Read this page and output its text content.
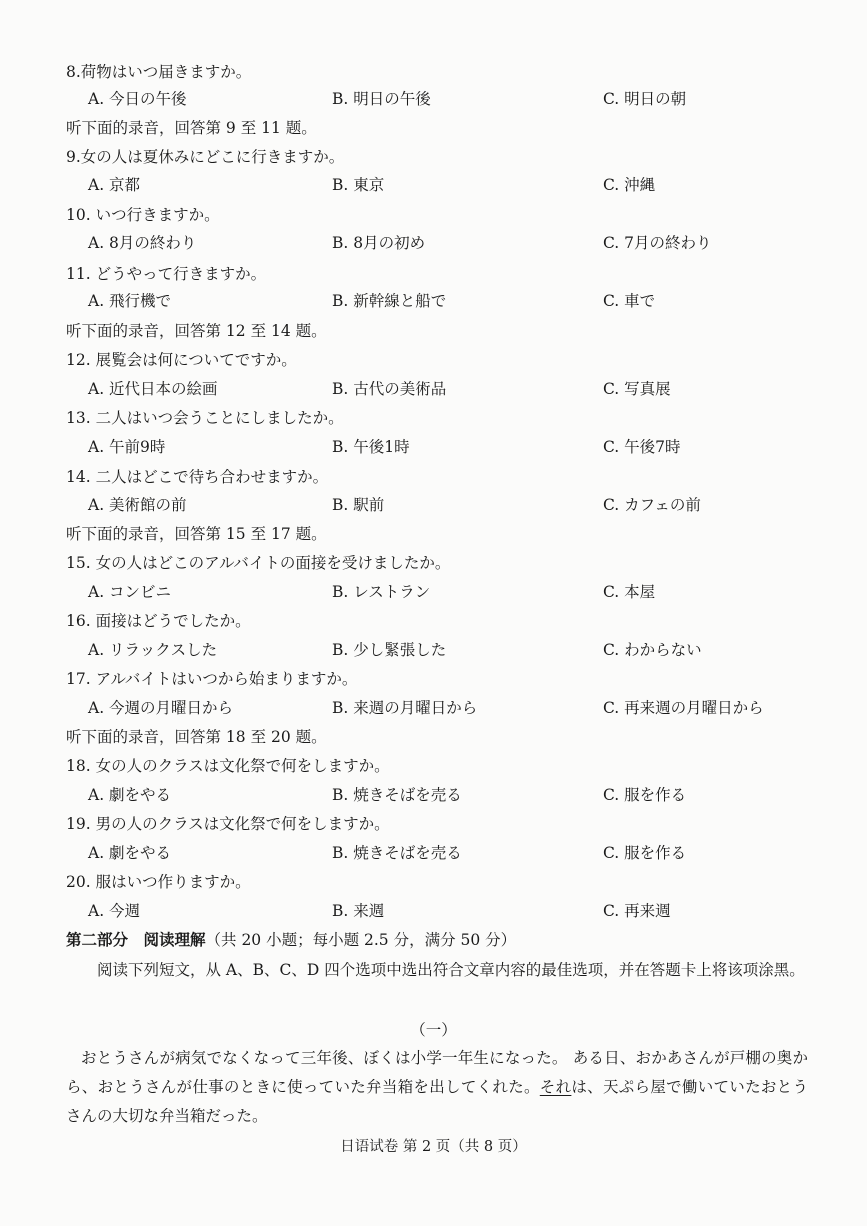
8.荷物はいつ届きますか。
A. 今日の午後	B. 明日の午後	C. 明日の朝
听下面的录音，回答第 9 至 11 题。
9.女の人は夏休みにどこに行きますか。
A. 京都	B. 東京	C. 沖縄
10. いつ行きますか。
A. 8月の終わり	B. 8月の初め	C. 7月の終わり
11. どうやって行きますか。
A. 飛行機で	B. 新幹線と船で	C. 車で
听下面的录音，回答第 12 至 14 题。
12. 展覧会は何についてですか。
A. 近代日本の絵画	B. 古代の美術品	C. 写真展
13. 二人はいつ会うことにしましたか。
A. 午前9時	B. 午後1時	C. 午後7時
14. 二人はどこで待ち合わせますか。
A. 美術館の前	B. 駅前	C. カフェの前
听下面的录音，回答第 15 至 17 题。
15. 女の人はどこのアルバイトの面接を受けましたか。
A. コンビニ	B. レストラン	C. 本屋
16. 面接はどうでしたか。
A. リラックスした	B. 少し緊張した	C. わからない
17. アルバイトはいつから始まりますか。
A. 今週の月曜日から	B. 来週の月曜日から	C. 再来週の月曜日から
听下面的录音，回答第 18 至 20 题。
18. 女の人のクラスは文化祭で何をしますか。
A. 劇をやる	B. 焼きそばを売る	C. 服を作る
19. 男の人のクラスは文化祭で何をしますか。
A. 劇をやる	B. 焼きそばを売る	C. 服を作る
20. 服はいつ作りますか。
A. 今週	B. 来週	C. 再来週
第二部分　阅读理解（共 20 小题；每小题 2.5 分，满分 50 分）

阅读下列短文，从 A、B、C、D 四个选项中选出符合文章内容的最佳选项，并在答题卡上将该项涂黑。

（一）

おとうさんが病気でなくなって三年後、ぼくは小学一年生になった。 ある日、おかあさんが戸棚の奥から、おとうさんが仕事のときに使っていた弁当箱を出してくれた。それは、天ぷら屋で働いていたおとうさんの大切な弁当箱だった。

日语试卷 第 2 页（共 8 页）
